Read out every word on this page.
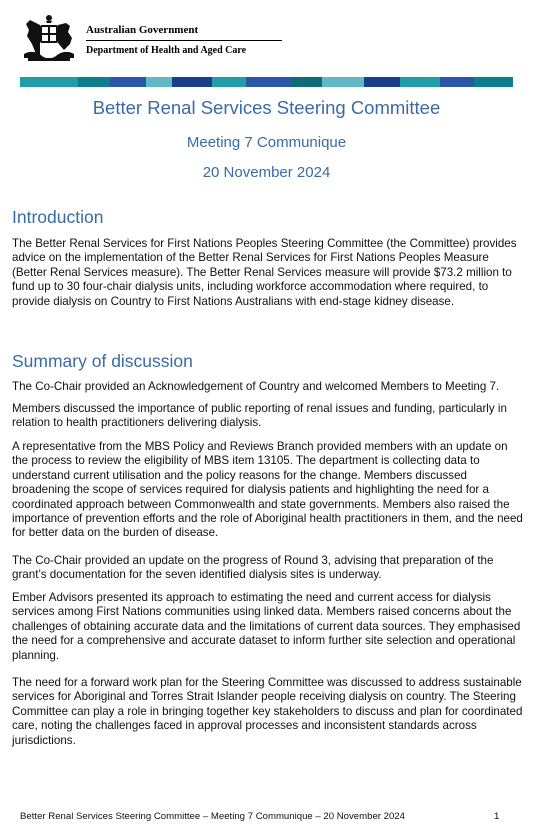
Australian Government
Department of Health and Aged Care
Better Renal Services Steering Committee
Meeting 7 Communique
20 November 2024
Introduction
The Better Renal Services for First Nations Peoples Steering Committee (the Committee) provides advice on the implementation of the Better Renal Services for First Nations Peoples Measure (Better Renal Services measure). The Better Renal Services measure will provide $73.2 million to fund up to 30 four-chair dialysis units, including workforce accommodation where required, to provide dialysis on Country to First Nations Australians with end-stage kidney disease.
Summary of discussion
The Co-Chair provided an Acknowledgement of Country and welcomed Members to Meeting 7.
Members discussed the importance of public reporting of renal issues and funding, particularly in relation to health practitioners delivering dialysis.
A representative from the MBS Policy and Reviews Branch provided members with an update on the process to review the eligibility of MBS item 13105. The department is collecting data to understand current utilisation and the policy reasons for the change. Members discussed broadening the scope of services required for dialysis patients and highlighting the need for a coordinated approach between Commonwealth and state governments. Members also raised the importance of prevention efforts and the role of Aboriginal health practitioners in them, and the need for better data on the burden of disease.
The Co-Chair provided an update on the progress of Round 3, advising that preparation of the grant’s documentation for the seven identified dialysis sites is underway.
Ember Advisors presented its approach to estimating the need and current access for dialysis services among First Nations communities using linked data. Members raised concerns about the challenges of obtaining accurate data and the limitations of current data sources. They emphasised the need for a comprehensive and accurate dataset to inform further site selection and operational planning.
The need for a forward work plan for the Steering Committee was discussed to address sustainable services for Aboriginal and Torres Strait Islander people receiving dialysis on country. The Steering Committee can play a role in bringing together key stakeholders to discuss and plan for coordinated care, noting the challenges faced in approval processes and inconsistent standards across jurisdictions.
Better Renal Services Steering Committee – Meeting 7 Communique – 20 November 2024	1
